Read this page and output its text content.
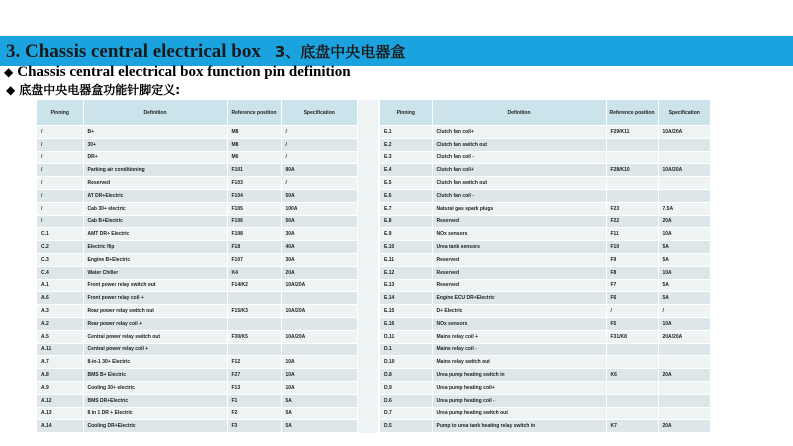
3. Chassis central electrical box 3、底盘中央电器盒

◆ Chassis central electrical box function pin definition

◆ 底盘中央电器盒功能针脚定义:

Pinning	Definition	Reference position	Specification
/	B+	M8	/
/	30+	M8	/
/	DR+	M6	/
/	Parking air conditioning	F101	80A
/	Reserved	F103	/
/	AT DR+Electric	F104	50A
/	Cab 30+ electric	F105	100A
/	Cab B+Electric	F106	50A
C.1	AMT DR+ Electric	F108	30A
C.2	Electric flip	F18	40A
C.3	Engine B+Electric	F107	30A
C.4	Water Chiller	K4	20A
A.1	Front power relay switch out	F14/K2	10A/20A
A.6	Front power relay coil +		
A.3	Rear power relay switch out	F15/K3	10A/20A
A.2	Rear power relay coil +		
A.5	Central power relay switch out	F30/K5	10A/20A
A.11	Central power relay coil +		
A.7	8-in-1 30+ Electric	F12	10A
A.8	BMS B+ Electric	F27	10A
A.9	Cooling 30+ electric	F13	10A
A.12	BMS DR+Electric	F1	5A
A.13	8 in 1 DR + Electric	F2	5A
A.14	Cooling DR+Electric	F3	5A
Pinning	Definition	Reference position	Specification
E.1	Clutch fan coil+	F29/K11	10A/20A
E.2	Clutch fan switch out		
E.3	Clutch fan coil -		
E.4	Clutch fan coil+	F28/K10	10A/20A
E.5	Clutch fan switch out		
E.6	Clutch fan coil -		
E.7	Natural gas spark plugs	F23	7.5A
E.8	Reserved	F22	20A
E.9	NOx sensors	F11	10A
E.10	Urea tank sensors	F10	5A
E.11	Reserved	F9	5A
E.12	Reserved	F8	10A
E.13	Reserved	F7	5A
E.14	Engine ECU DR+Electric	F6	5A
E.15	D+ Electric	/	/
E.16	NOx sensors	F5	10A
D.11	Mains relay coil +	F31/K8	20A/20A
D.1	Mains relay coil -		
D.10	Mains relay switch out		
D.8	Urea pump heating switch in	K6	20A
D.9	Urea pump heating coil+		
D.6	Urea pump heating coil -		
D.7	Urea pump heating switch out		
D.5	Pump to urea tank heating relay switch in	K7	20A
